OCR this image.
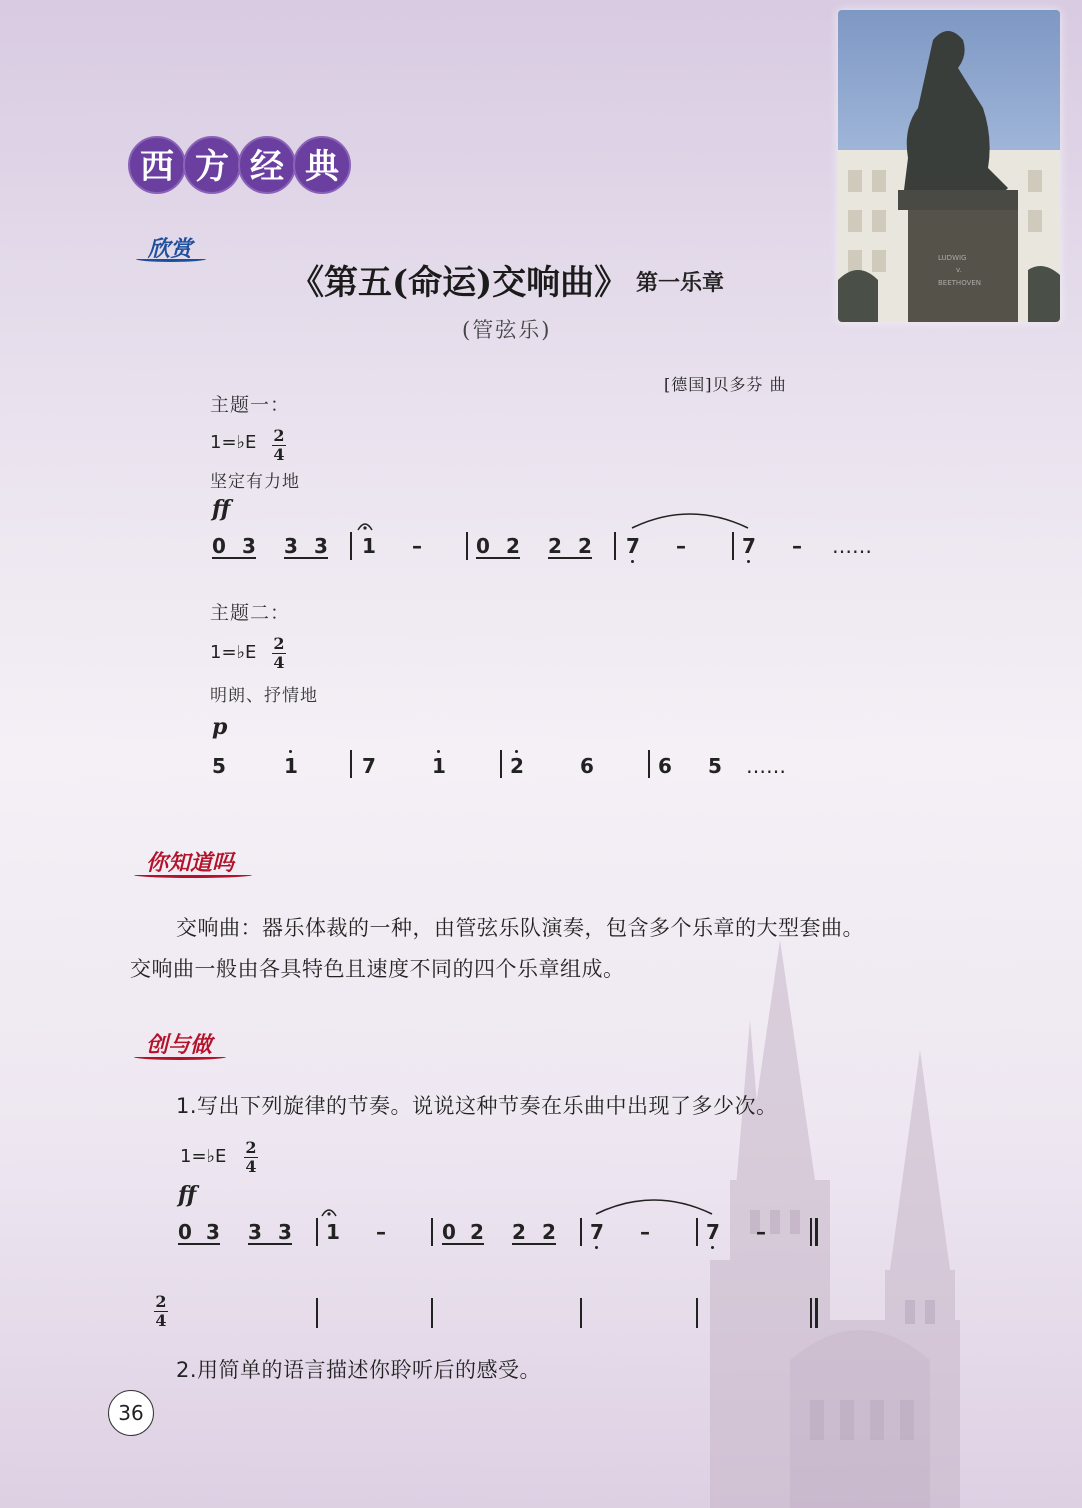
LUDWIG
v.
BEETHOVEN
西 方 经 典
欣赏
《第五(命运)交响曲》 第一乐章
(管弦乐)
[德国]贝多芬 曲
主题一：
1=♭E 2
4
坚定有力地
ff
0 3 3 3 1 –	0 2 2 2 7 –	7 – ……
主题二：
1=♭E 2
4
明朗、抒情地
p
5	1	7	1	2	6	6 5 ……
你知道吗
交响曲：器乐体裁的一种，由管弦乐队演奏，包含多个乐章的大型套曲。
交响曲一般由各具特色且速度不同的四个乐章组成。
创与做
1.写出下列旋律的节奏。说说这种节奏在乐曲中出现了多少次。
1=♭E 2
4
ff
0 3 3 3 1 –	0 2 2 2 7 –	7 –
2
4
2.用简单的语言描述你聆听后的感受。
36
